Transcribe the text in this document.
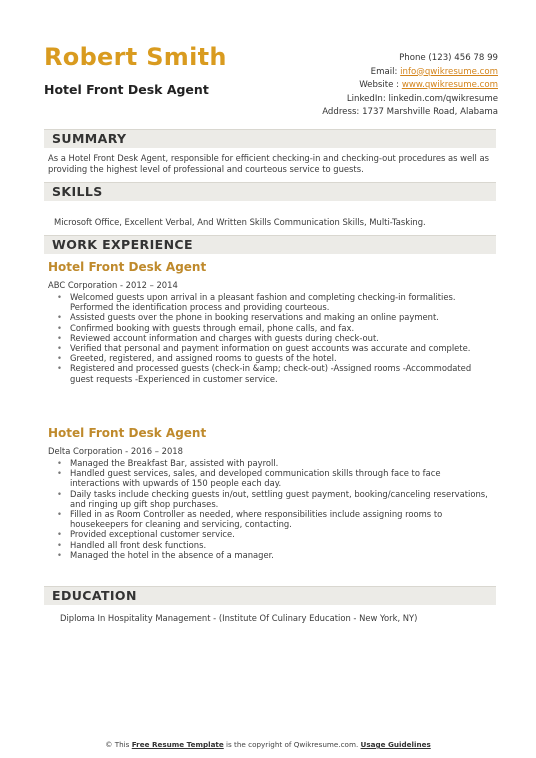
Robert Smith
Hotel Front Desk Agent
Phone (123) 456 78 99
Email: info@qwikresume.com
Website : www.qwikresume.com
LinkedIn: linkedin.com/qwikresume
Address: 1737 Marshville Road, Alabama
SUMMARY
As a Hotel Front Desk Agent, responsible for efficient checking-in and checking-out procedures as well as providing the highest level of professional and courteous service to guests.
SKILLS
Microsoft Office, Excellent Verbal, And Written Skills Communication Skills, Multi-Tasking.
WORK EXPERIENCE
Hotel Front Desk Agent
ABC Corporation - 2012 – 2014
• Welcomed guests upon arrival in a pleasant fashion and completing checking-in formalities. Performed the identification process and providing courteous.
• Assisted guests over the phone in booking reservations and making an online payment.
• Confirmed booking with guests through email, phone calls, and fax.
• Reviewed account information and charges with guests during check-out.
• Verified that personal and payment information on guest accounts was accurate and complete.
• Greeted, registered, and assigned rooms to guests of the hotel.
• Registered and processed guests (check-in &amp; check-out) -Assigned rooms -Accommodated guest requests -Experienced in customer service.
Hotel Front Desk Agent
Delta Corporation - 2016 – 2018
• Managed the Breakfast Bar, assisted with payroll.
• Handled guest services, sales, and developed communication skills through face to face interactions with upwards of 150 people each day.
• Daily tasks include checking guests in/out, settling guest payment, booking/canceling reservations, and ringing up gift shop purchases.
• Filled in as Room Controller as needed, where responsibilities include assigning rooms to housekeepers for cleaning and servicing, contacting.
• Provided exceptional customer service.
• Handled all front desk functions.
• Managed the hotel in the absence of a manager.
EDUCATION
Diploma In Hospitality Management - (Institute Of Culinary Education - New York, NY)
© This Free Resume Template is the copyright of Qwikresume.com. Usage Guidelines
